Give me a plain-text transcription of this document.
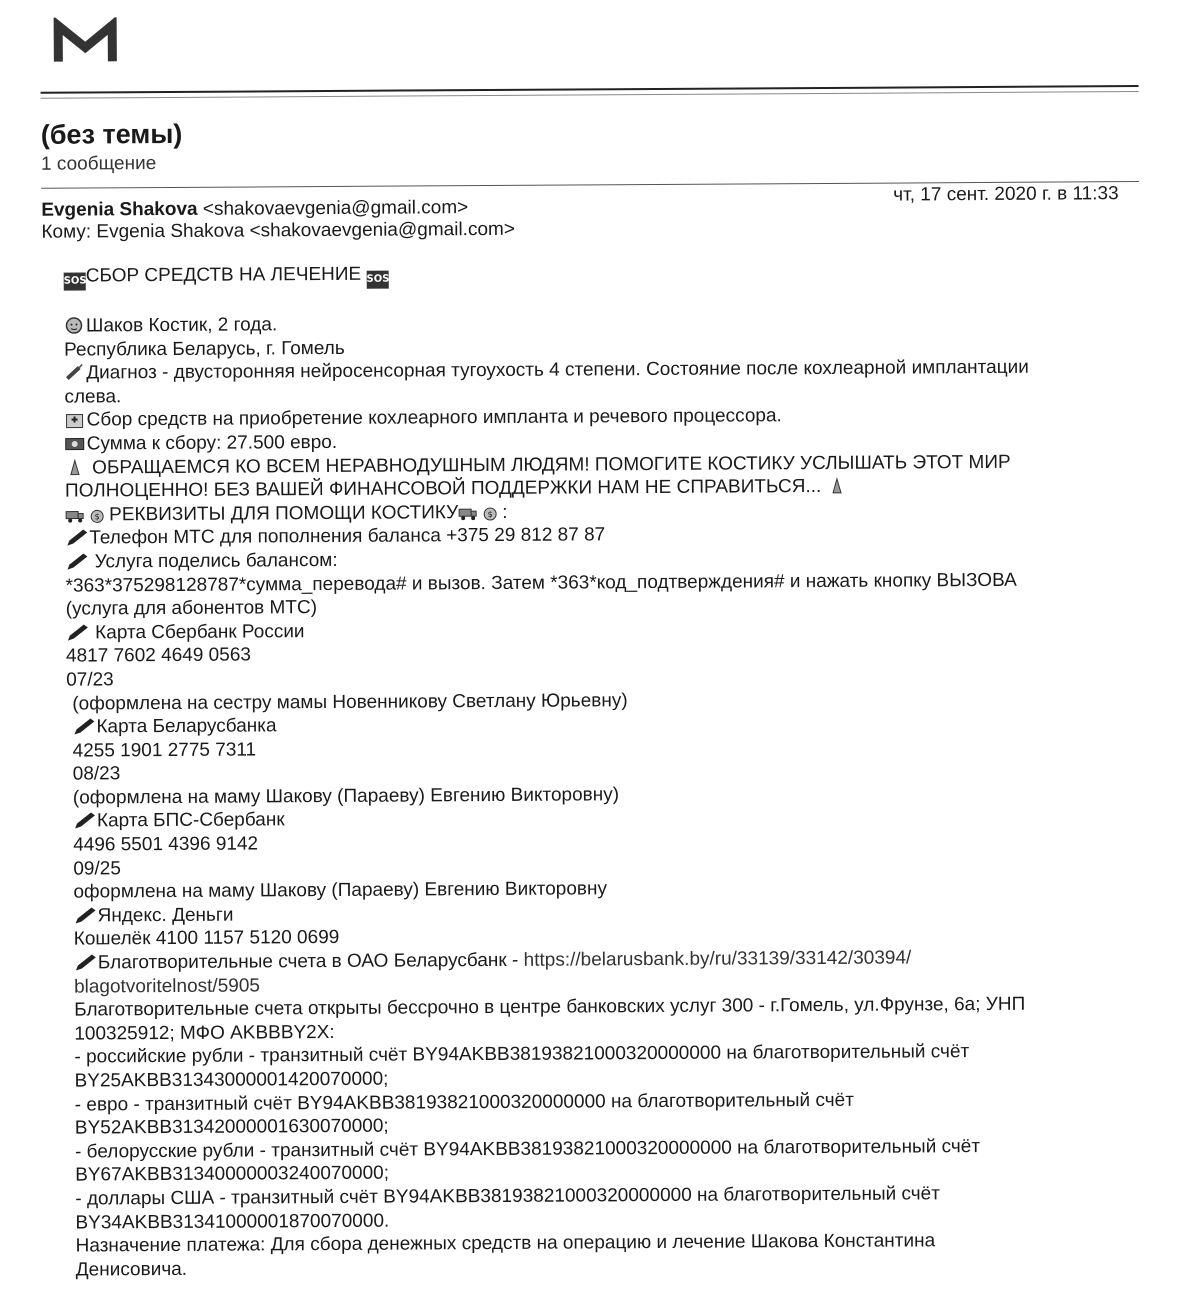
(без темы)
1 сообщение
Evgenia Shakova <shakovaevgenia@gmail.com>
Кому: Evgenia Shakova <shakovaevgenia@gmail.com>
чт, 17 сент. 2020 г. в 11:33
SOSСБОР СРЕДСТВ НА ЛЕЧЕНИЕ SOS
Шаков Костик, 2 года.
Республика Беларусь, г. Гомель
Диагноз - двусторонняя нейросенсорная тугоухость 4 степени. Состояние после кохлеарной имплантации
слева.
Сбор средств на приобретение кохлеарного импланта и речевого процессора.
Сумма к сбору: 27.500 евро.
ОБРАЩАЕМСЯ КО ВСЕМ НЕРАВНОДУШНЫМ ЛЮДЯМ! ПОМОГИТЕ КОСТИКУ УСЛЫШАТЬ ЭТОТ МИР
ПОЛНОЦЕННО! БЕЗ ВАШЕЙ ФИНАНСОВОЙ ПОДДЕРЖКИ НАМ НЕ СПРАВИТЬСЯ...
$ РЕКВИЗИТЫ ДЛЯ ПОМОЩИ КОСТИКУ	$ :
Телефон МТС для пополнения баланса +375 29 812 87 87
Услуга поделись балансом:
*363*375298128787*сумма_перевода# и вызов. Затем *363*код_подтверждения# и нажать кнопку ВЫЗОВА
(услуга для абонентов МТС)
Карта Сбербанк России
4817 7602 4649 0563
07/23
(оформлена на сестру мамы Новенникову Светлану Юрьевну)
Карта Беларусбанка
4255 1901 2775 7311
08/23
(оформлена на маму Шакову (Параеву) Евгению Викторовну)
Карта БПС-Сбербанк
4496 5501 4396 9142
09/25
оформлена на маму Шакову (Параеву) Евгению Викторовну
Яндекс. Деньги
Кошелёк 4100 1157 5120 0699
Благотворительные счета в ОАО Беларусбанк - https://belarusbank.by/ru/33139/33142/30394/
blagotvoritelnost/5905
Благотворительные счета открыты бессрочно в центре банковских услуг 300 - г.Гомель, ул.Фрунзе, 6а; УНП
100325912; МФО AKBBBY2X:
- российские рубли - транзитный счёт BY94AKBB38193821000320000000 на благотворительный счёт
BY25AKBB31343000001420070000;
- евро - транзитный счёт BY94AKBB38193821000320000000 на благотворительный счёт
BY52AKBB31342000001630070000;
- белорусские рубли - транзитный счёт BY94AKBB38193821000320000000 на благотворительный счёт
BY67AKBB31340000003240070000;
- доллары США - транзитный счёт BY94AKBB38193821000320000000 на благотворительный счёт
BY34AKBB31341000001870070000.
Назначение платежа: Для сбора денежных средств на операцию и лечение Шакова Константина
Денисовича.
